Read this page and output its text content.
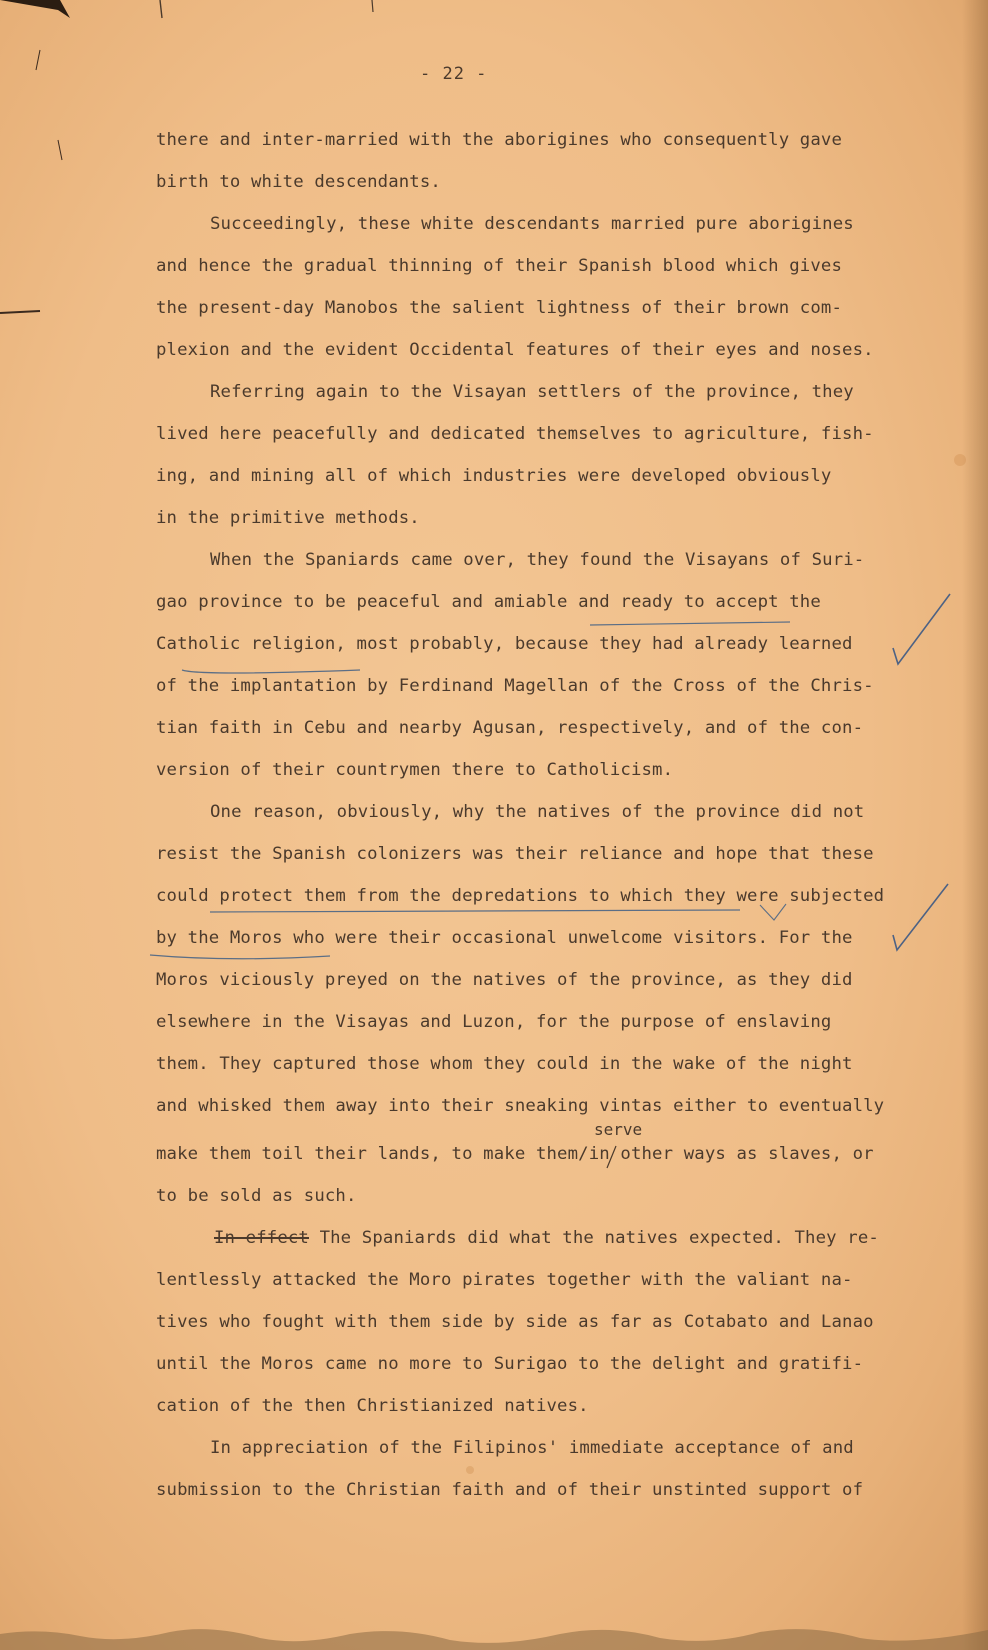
- 22 -
there and inter-married with the aborigines who consequently gave
birth to white descendants.
Succeedingly, these white descendants married pure aborigines
and hence the gradual thinning of their Spanish blood which gives
the present-day Manobos the salient lightness of their brown com-
plexion and the evident Occidental features of their eyes and noses.
Referring again to the Visayan settlers of the province, they
lived here peacefully and dedicated themselves to agriculture, fish-
ing, and mining all of which industries were developed obviously
in the primitive methods.
When the Spaniards came over, they found the Visayans of Suri-
gao province to be peaceful and amiable and ready to accept the
Catholic religion, most probably, because they had already learned
of the implantation by Ferdinand Magellan of the Cross of the Chris-
tian faith in Cebu and nearby Agusan, respectively, and of the con-
version of their countrymen there to Catholicism.
One reason, obviously, why the natives of the province did not
resist the Spanish colonizers was their reliance and hope that these
could protect them from the depredations to which they were subjected
by the Moros who were their occasional unwelcome visitors. For the
Moros viciously preyed on the natives of the province, as they did
elsewhere in the Visayas and Luzon, for the purpose of enslaving
them. They captured those whom they could in the wake of the night
and whisked them away into their sneaking vintas either to eventually
serve
make them toil their lands, to make them/in other ways as slaves, or
to be sold as such.
In effect The Spaniards did what the natives expected. They re-
lentlessly attacked the Moro pirates together with the valiant na-
tives who fought with them side by side as far as Cotabato and Lanao
until the Moros came no more to Surigao to the delight and gratifi-
cation of the then Christianized natives.
In appreciation of the Filipinos' immediate acceptance of and
submission to the Christian faith and of their unstinted support of
